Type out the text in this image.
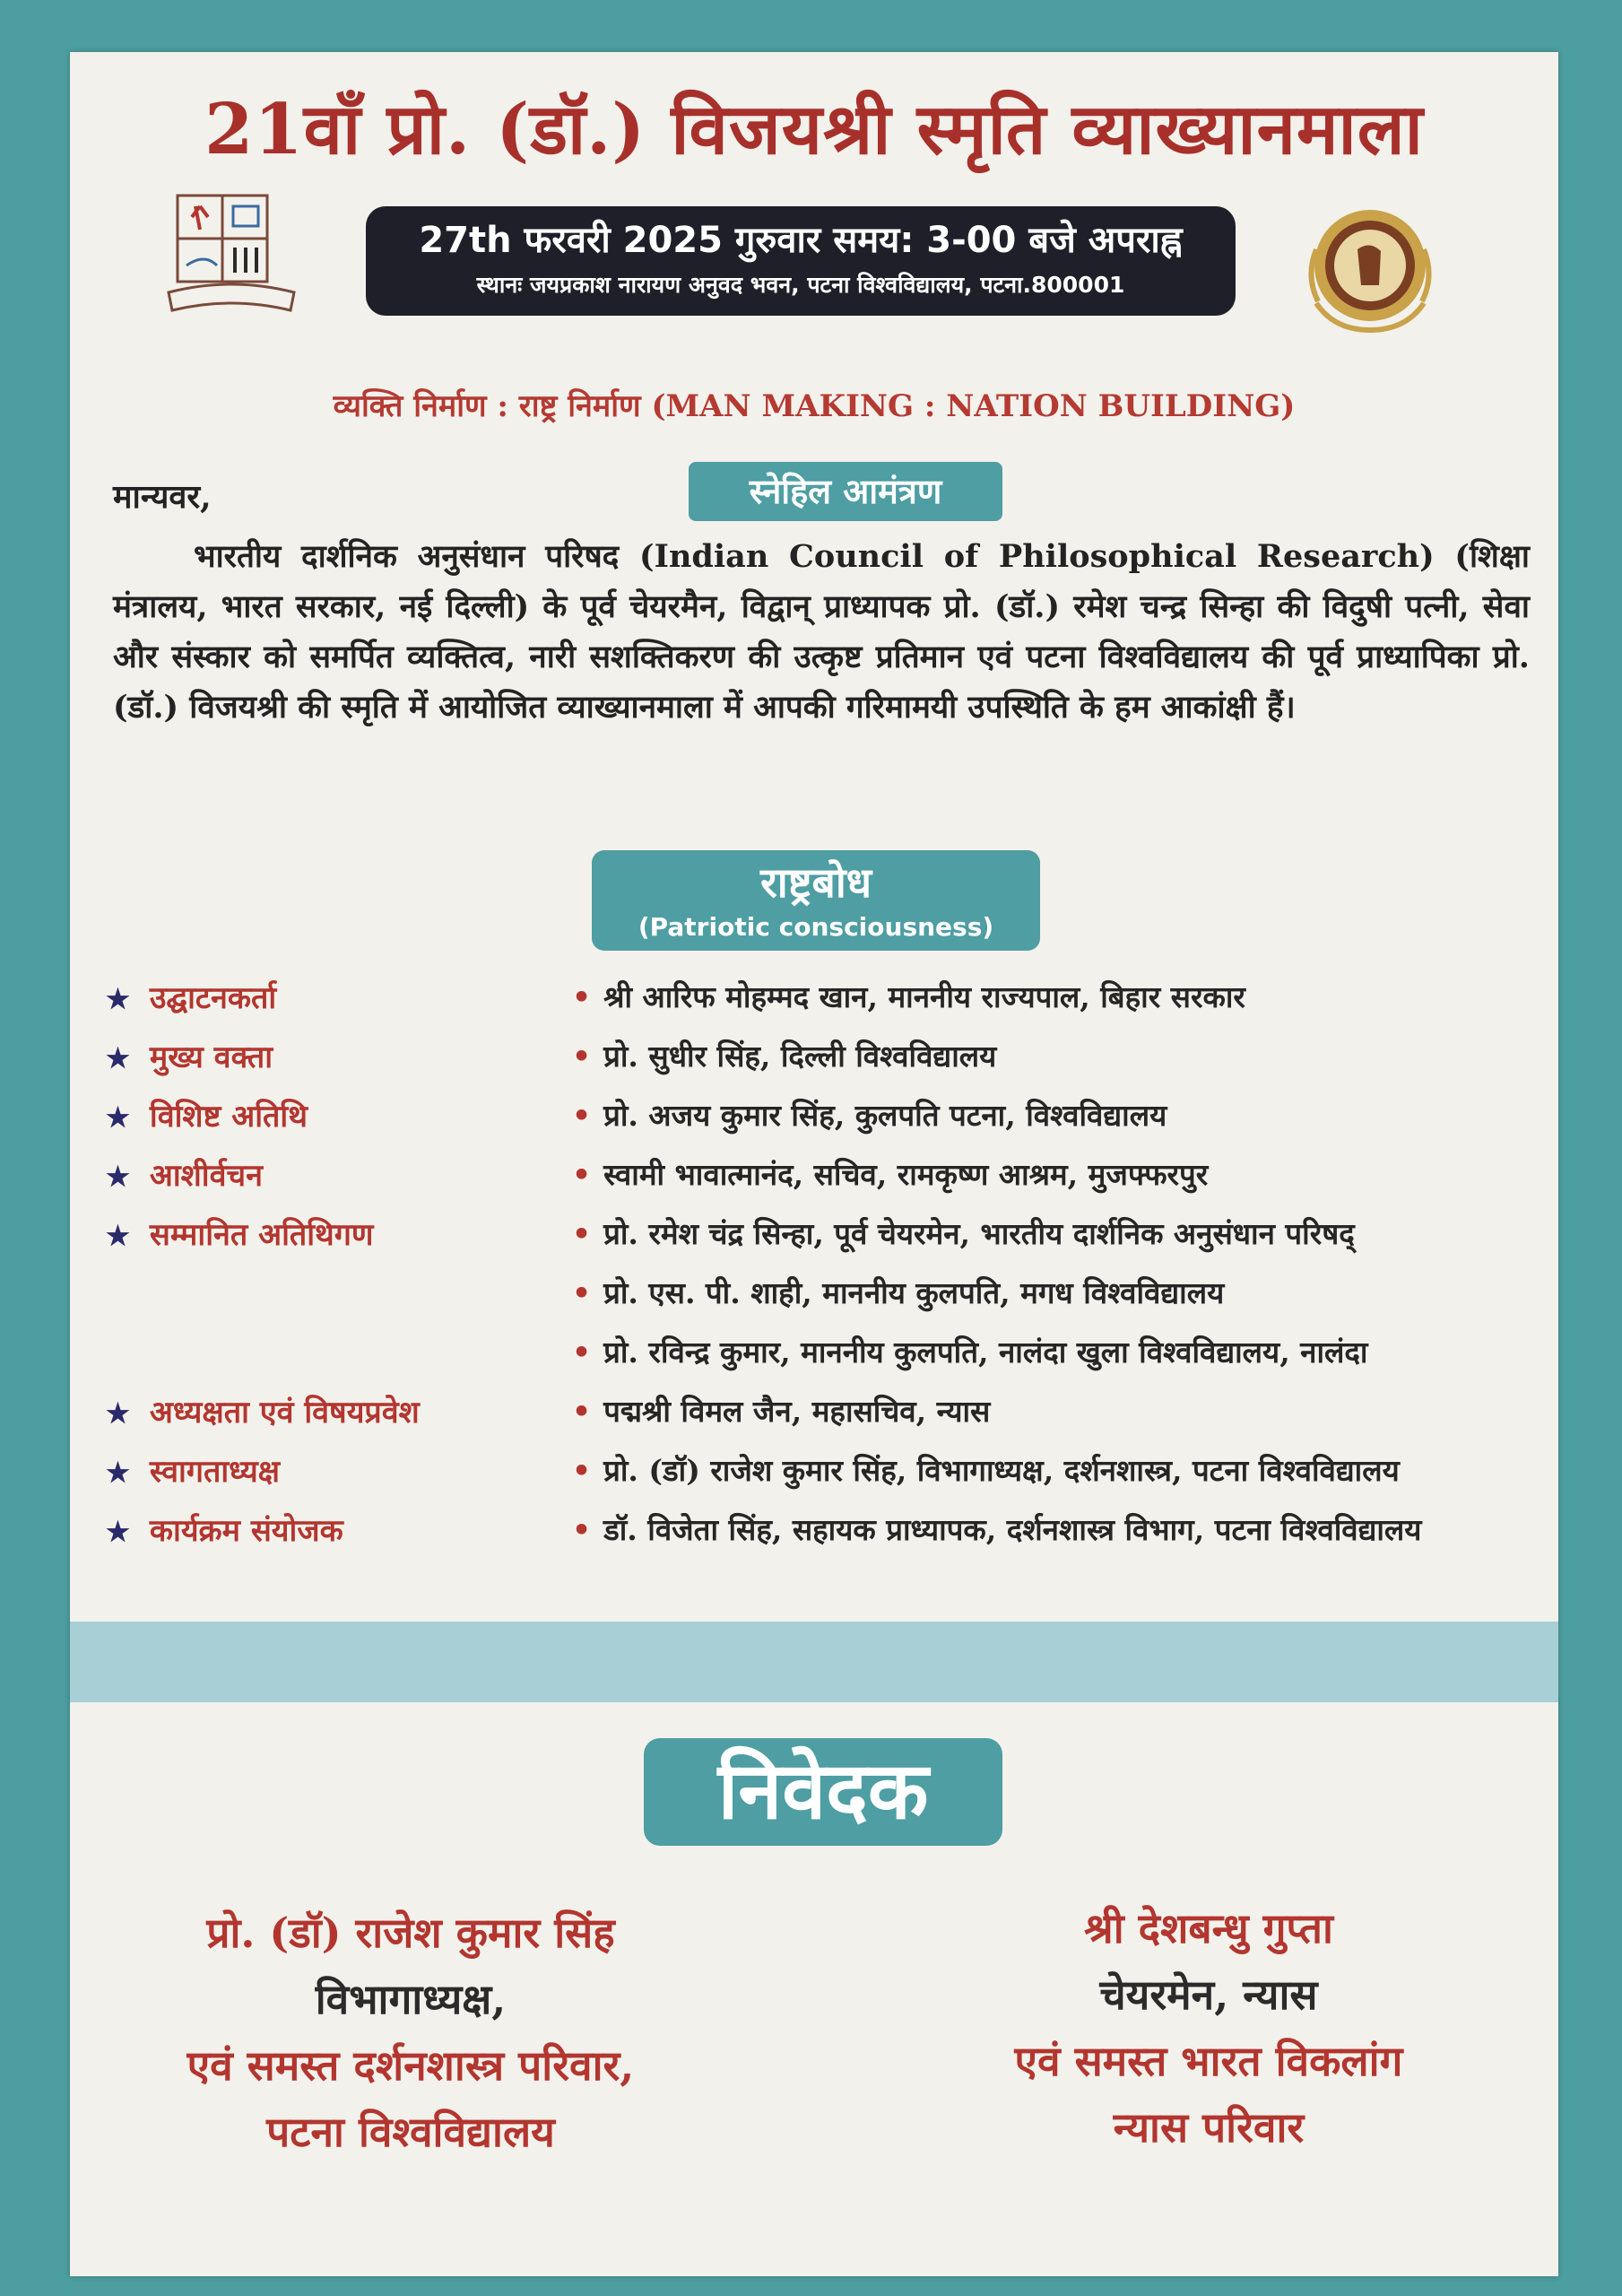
21वाँ प्रो. (डॉ.) विजयश्री स्मृति व्याख्यानमाला
27th फरवरी 2025 गुरुवार समय: 3-00 बजे अपराह्न
स्थानः जयप्रकाश नारायण अनुवद भवन, पटना विश्वविद्यालय, पटना.800001
व्यक्ति निर्माण : राष्ट्र निर्माण (MAN MAKING : NATION BUILDING)
मान्यवर,	स्नेहिल आमंत्रण
भारतीय दार्शनिक अनुसंधान परिषद (Indian Council of Philosophical Research) (शिक्षा मंत्रालय, भारत सरकार, नई दिल्ली) के पूर्व चेयरमैन, विद्वान् प्राध्यापक प्रो. (डॉ.) रमेश चन्द्र सिन्हा की विदुषी पत्नी, सेवा और संस्कार को समर्पित व्यक्तित्व, नारी सशक्तिकरण की उत्कृष्ट प्रतिमान एवं पटना विश्वविद्यालय की पूर्व प्राध्यापिका प्रो. (डॉ.) विजयश्री की स्मृति में आयोजित व्याख्यानमाला में आपकी गरिमामयी उपस्थिति के हम आकांक्षी हैं।
राष्ट्रबोध
(Patriotic consciousness)
★ उद्घाटनकर्ता	• श्री आरिफ मोहम्मद खान, माननीय राज्यपाल, बिहार सरकार
★ मुख्य वक्ता	• प्रो. सुधीर सिंह, दिल्ली विश्वविद्यालय
★ विशिष्ट अतिथि	• प्रो. अजय कुमार सिंह, कुलपति पटना, विश्वविद्यालय
★ आशीर्वचन	• स्वामी भावात्मानंद, सचिव, रामकृष्ण आश्रम, मुजफ्फरपुर
★ सम्मानित अतिथिगण	• प्रो. रमेश चंद्र सिन्हा, पूर्व चेयरमेन, भारतीय दार्शनिक अनुसंधान परिषद्
• प्रो. एस. पी. शाही, माननीय कुलपति, मगध विश्वविद्यालय
• प्रो. रविन्द्र कुमार, माननीय कुलपति, नालंदा खुला विश्वविद्यालय, नालंदा
★ अध्यक्षता एवं विषयप्रवेश	• पद्मश्री विमल जैन, महासचिव, न्यास
★ स्वागताध्यक्ष	• प्रो. (डॉ) राजेश कुमार सिंह, विभागाध्यक्ष, दर्शनशास्त्र, पटना विश्वविद्यालय
★ कार्यक्रम संयोजक	• डॉ. विजेता सिंह, सहायक प्राध्यापक, दर्शनशास्त्र विभाग, पटना विश्वविद्यालय
निवेदक
प्रो. (डॉ) राजेश कुमार सिंह
विभागाध्यक्ष,
एवं समस्त दर्शनशास्त्र परिवार,
पटना विश्वविद्यालय
श्री देशबन्धु गुप्ता
चेयरमेन, न्यास
एवं समस्त भारत विकलांग
न्यास परिवार
